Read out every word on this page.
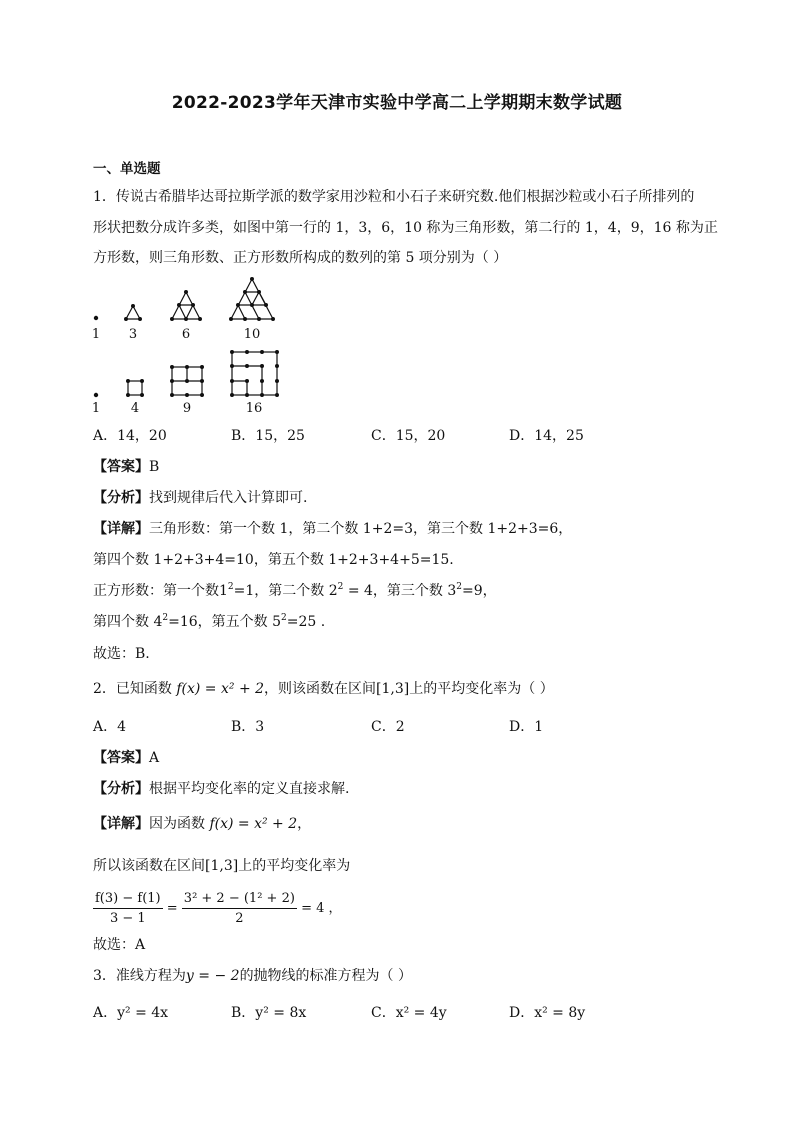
2022-2023学年天津市实验中学高二上学期期末数学试题
一、单选题
1．传说古希腊毕达哥拉斯学派的数学家用沙粒和小石子来研究数.他们根据沙粒或小石子所排列的
形状把数分成许多类，如图中第一行的 1，3，6，10 称为三角形数，第二行的 1，4，9，16 称为正
方形数，则三角形数、正方形数所构成的数列的第 5 项分别为（ ）
1 3	6	10
1 4	9	16
A．14，20	B．15，25	C．15，20	D．14，25
【答案】B
【分析】找到规律后代入计算即可.
【详解】三角形数：第一个数 1，第二个数 1+2=3，第三个数 1+2+3=6，
第四个数 1+2+3+4=10，第五个数 1+2+3+4+5=15.
正方形数：第一个数$1^2=1$，第二个数 $2^2 = 4$，第三个数 $3^2=9$，
第四个数 $4^2=16$，第五个数 $5^2=25$ .
故选：B.
2．已知函数 f(x) = x² + 2，则该函数在区间[1,3]上的平均变化率为（ ）
A．4	B．3	C．2	D．1
【答案】A
【分析】根据平均变化率的定义直接求解.
【详解】因为函数 f(x) = x² + 2，
所以该函数在区间[1,3]上的平均变化率为
$\frac{f(3) - f(1)}{3 - 1} = \frac{\text{3² + 2 − (1² + 2)}}{2} = 4$ ，
故选：A
3．准线方程为y = − 2的抛物线的标准方程为（ ）
A．y² = 4x	B．y² = 8x	C．x² = 4y	D．x² = 8y
